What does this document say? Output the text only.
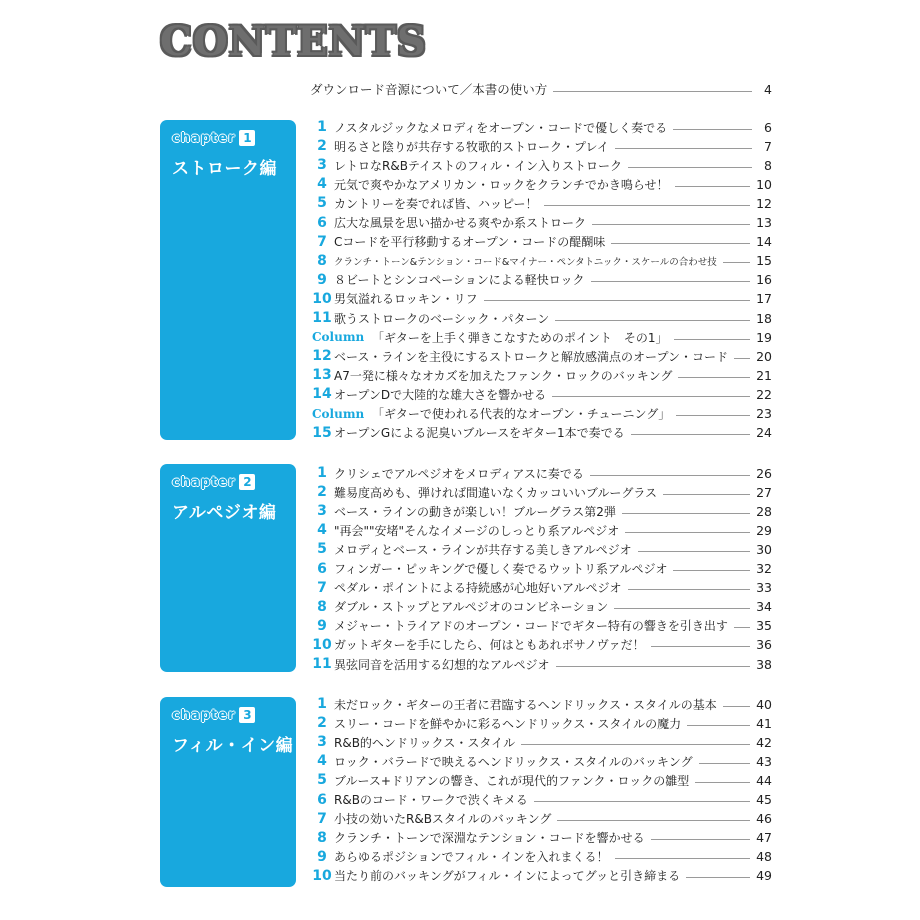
CONTENTS
ダウンロード音源について／本書の使い方	4
chapter 1
ストローク編
1 ノスタルジックなメロディをオープン・コードで優しく奏でる	6
2 明るさと陰りが共存する牧歌的ストローク・プレイ	7
3 レトロなR&Bテイストのフィル・イン入りストローク	8
4 元気で爽やかなアメリカン・ロックをクランチでかき鳴らせ！	10
5 カントリーを奏でれば皆、ハッピー！	12
6 広大な風景を思い描かせる爽やか系ストローク	13
7 Cコードを平行移動するオープン・コードの醍醐味	14
8 クランチ・トーン&テンション・コード&マイナー・ペンタトニック・スケールの合わせ技	15
9 ８ビートとシンコペーションによる軽快ロック	16
10 男気溢れるロッキン・リフ	17
11 歌うストロークのベーシック・パターン	18
Column 「ギターを上手く弾きこなすためのポイント　その1」	19
12 ベース・ラインを主役にするストロークと解放感満点のオープン・コード 20
13 A7一発に様々なオカズを加えたファンク・ロックのバッキング	21
14 オープンDで大陸的な雄大さを響かせる	22
Column 「ギターで使われる代表的なオープン・チューニング」	23
15 オープンGによる泥臭いブルースをギター1本で奏でる	24
chapter 2
アルペジオ編
1 クリシェでアルペジオをメロディアスに奏でる	26
2 難易度高めも、弾ければ間違いなくカッコいいブルーグラス	27
3 ベース・ラインの動きが楽しい！ブルーグラス第2弾	28
4 "再会""安堵"そんなイメージのしっとり系アルペジオ	29
5 メロディとベース・ラインが共存する美しきアルペジオ	30
6 フィンガー・ピッキングで優しく奏でるウットリ系アルペジオ	32
7 ペダル・ポイントによる持続感が心地好いアルペジオ	33
8 ダブル・ストップとアルペジオのコンビネーション	34
9 メジャー・トライアドのオープン・コードでギター特有の響きを引き出す 35
10 ガットギターを手にしたら、何はともあれボサノヴァだ！	36
11 異弦同音を活用する幻想的なアルペジオ	38
chapter 3
フィル・イン編
1 未だロック・ギターの王者に君臨するヘンドリックス・スタイルの基本	40
2 スリー・コードを鮮やかに彩るヘンドリックス・スタイルの魔力	41
3 R&B的ヘンドリックス・スタイル	42
4 ロック・バラードで映えるヘンドリックス・スタイルのバッキング	43
5 ブルース+ドリアンの響き、これが現代的ファンク・ロックの雛型	44
6 R&Bのコード・ワークで渋くキメる	45
7 小技の効いたR&Bスタイルのバッキング	46
8 クランチ・トーンで深淵なテンション・コードを響かせる	47
9 あらゆるポジションでフィル・インを入れまくる！	48
10 当たり前のバッキングがフィル・インによってグッと引き締まる	49
